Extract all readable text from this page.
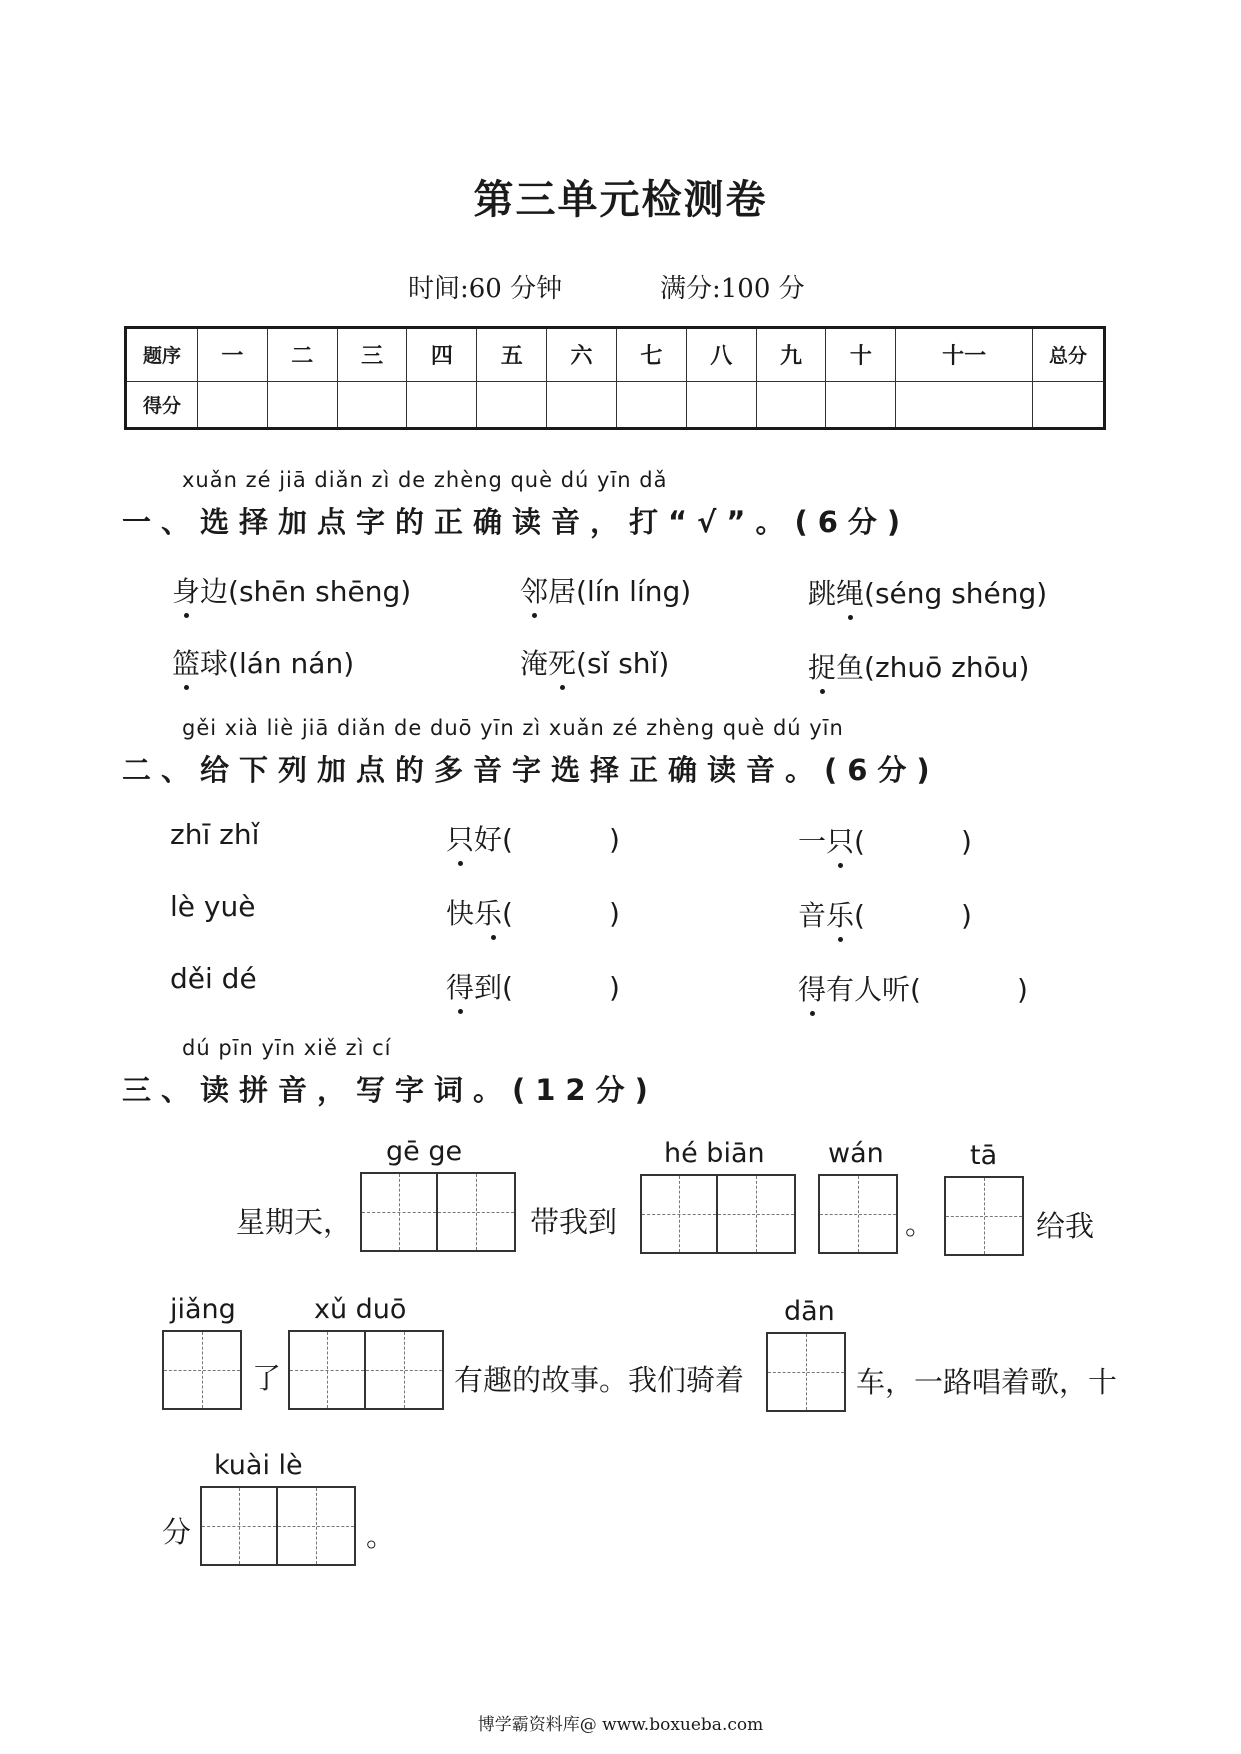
第三单元检测卷
时间:60 分钟	满分:100 分
题序	一	二	三	四	五	六	七	八	九	十	十一	总分
得分												
xuǎn zé jiā diǎn zì de zhèng què dú yīn dǎ
一、选择加点字的正确读音，打“√”。(6分)
身边(shēn shēng)	邻居(lín líng)	跳绳(séng shéng)
篮球(lán nán)	淹死(sǐ shǐ)	捉鱼(zhuō zhōu)
gěi xià liè jiā diǎn de duō yīn zì xuǎn zé zhèng què dú yīn
二、给下列加点的多音字选择正确读音。(6分)
zhī zhǐ	只好(	)	一只(	)
lè yuè	快乐(	)	音乐(	)
děi dé	得到(	)	得有人听(	)
dú pīn yīn xiě zì cí
三、读拼音，写字词。(12分)
星期天，
gē ge
带我到
hé biān wán
。
tā
给我
jiǎng
了
xǔ duō
有趣的故事。我们骑着
dān
车，一路唱着歌，十
分
kuài lè
。
博学霸资料库@ www.boxueba.com
